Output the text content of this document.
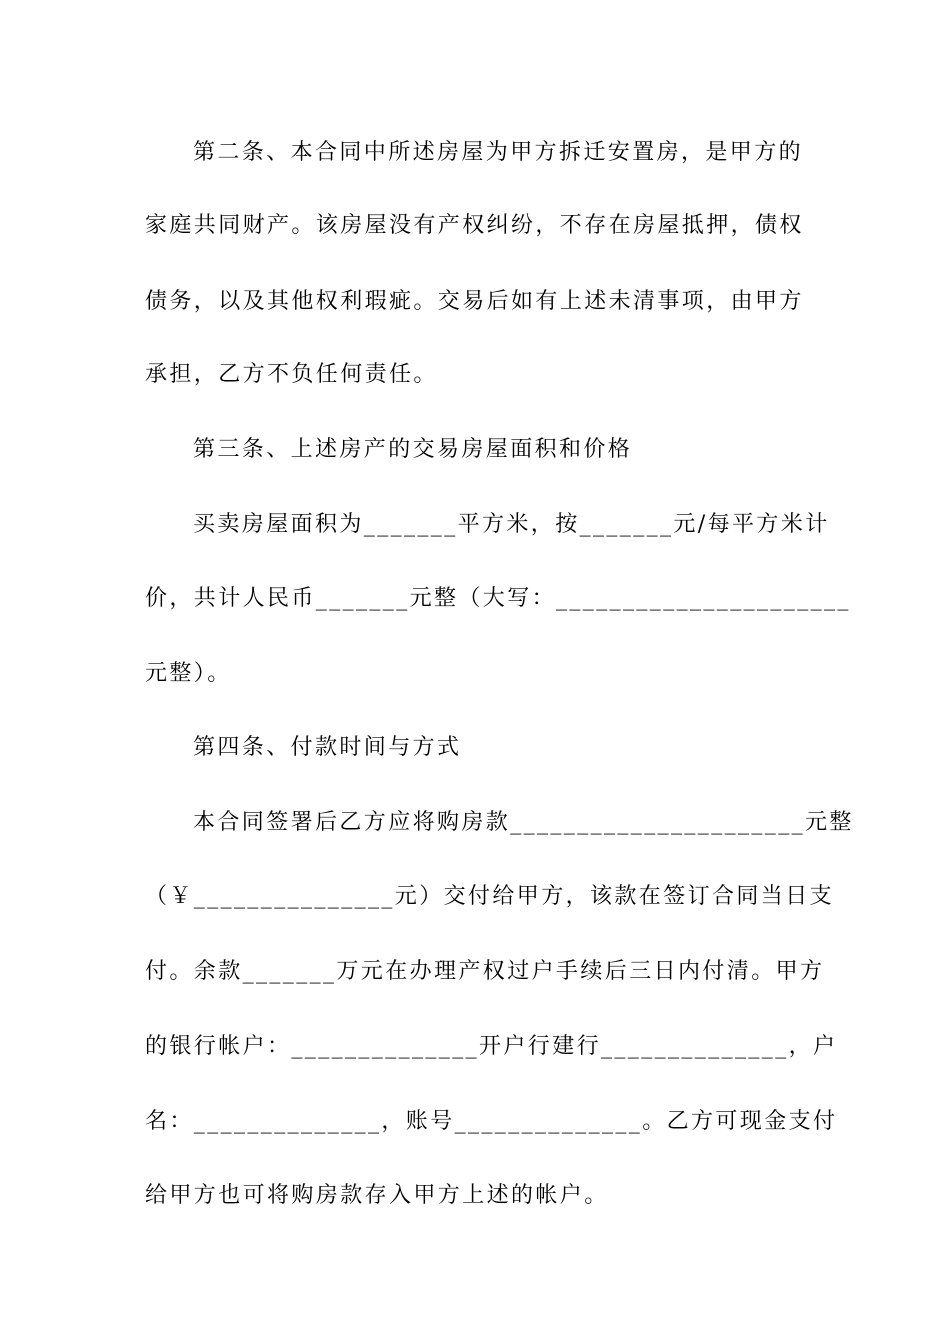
第二条、本合同中所述房屋为甲方拆迁安置房，是甲方的
家庭共同财产。该房屋没有产权纠纷，不存在房屋抵押，债权
债务，以及其他权利瑕疵。交易后如有上述未清事项，由甲方
承担，乙方不负任何责任。
第三条、上述房产的交易房屋面积和价格
买卖房屋面积为_______平方米，按_______元/每平方米计
价，共计人民币_______元整（大写：______________________
元整）。
第四条、付款时间与方式
本合同签署后乙方应将购房款______________________元整
（￥_______________元）交付给甲方，该款在签订合同当日支
付。余款_______万元在办理产权过户手续后三日内付清。甲方
的银行帐户：______________开户行建行______________，户
名：______________，账号______________。乙方可现金支付
给甲方也可将购房款存入甲方上述的帐户。
